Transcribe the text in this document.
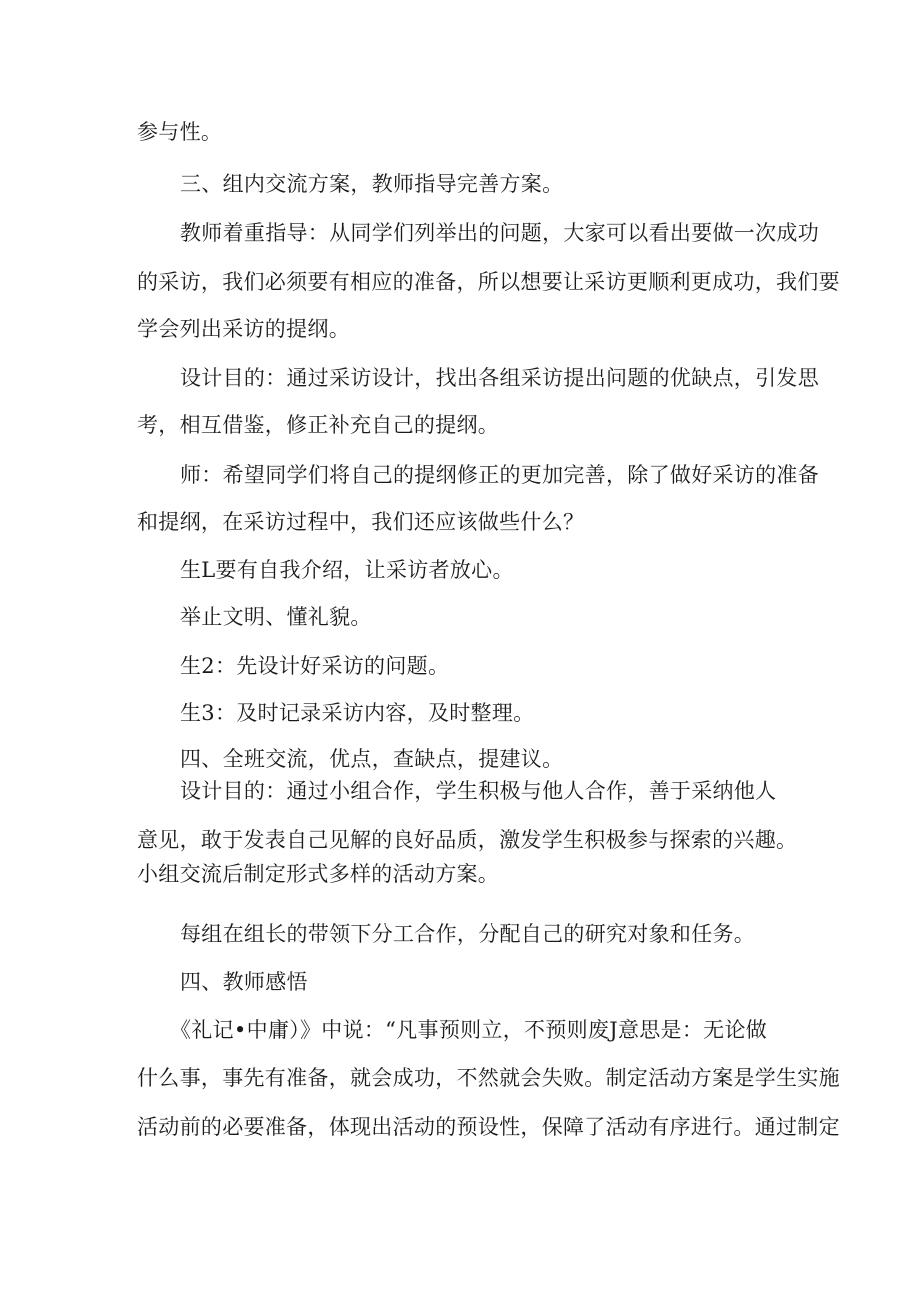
参与性。
三、组内交流方案，教师指导完善方案。
教师着重指导：从同学们列举出的问题，大家可以看出要做一次成功
的采访，我们必须要有相应的准备，所以想要让采访更顺利更成功，我们要
学会列出采访的提纲。
设计目的：通过采访设计，找出各组采访提出问题的优缺点，引发思
考，相互借鉴，修正补充自己的提纲。
师：希望同学们将自己的提纲修正的更加完善，除了做好采访的准备
和提纲，在采访过程中，我们还应该做些什么？
生L要有自我介绍，让采访者放心。
举止文明、懂礼貌。
生2：先设计好采访的问题。
生3：及时记录采访内容，及时整理。
四、全班交流，优点，查缺点，提建议。
设计目的：通过小组合作，学生积极与他人合作，善于采纳他人
意见，敢于发表自己见解的良好品质，激发学生积极参与探索的兴趣。
小组交流后制定形式多样的活动方案。
每组在组长的带领下分工合作，分配自己的研究对象和任务。
四、教师感悟
《礼记•中庸）》中说：“凡事预则立，不预则废J意思是：无论做
什么事，事先有准备，就会成功，不然就会失败。制定活动方案是学生实施
活动前的必要准备，体现出活动的预设性，保障了活动有序进行。通过制定
